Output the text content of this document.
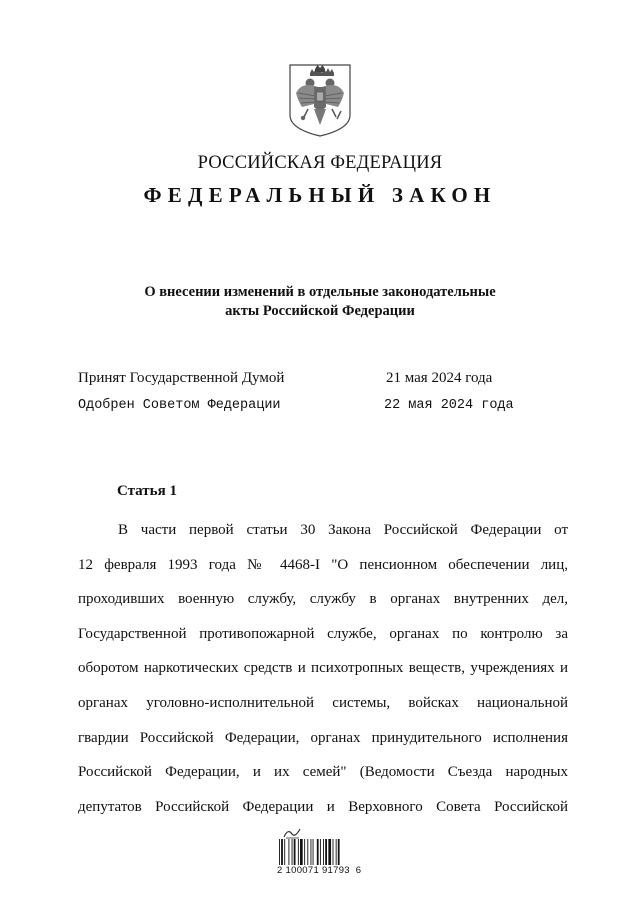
РОССИЙСКАЯ ФЕДЕРАЦИЯ
ФЕДЕРАЛЬНЫЙ ЗАКОН
О внесении изменений в отдельные законодательные
акты Российской Федерации
Принят Государственной Думой	21 мая 2024 года
Одобрен Советом Федерации	22 мая 2024 года
Статья 1
В части первой статьи 30 Закона Российской Федерации от
12 февраля 1993 года № 4468-I "О пенсионном обеспечении лиц,
проходивших военную службу, службу в органах внутренних дел,
Государственной противопожарной службе, органах по контролю за
оборотом наркотических средств и психотропных веществ, учреждениях и
органах уголовно-исполнительной системы, войсках национальной
гвардии Российской Федерации, органах принудительного исполнения
Российской Федерации, и их семей" (Ведомости Съезда народных
депутатов Российской Федерации и Верховного Совета Российской
2 100071 91793  6
